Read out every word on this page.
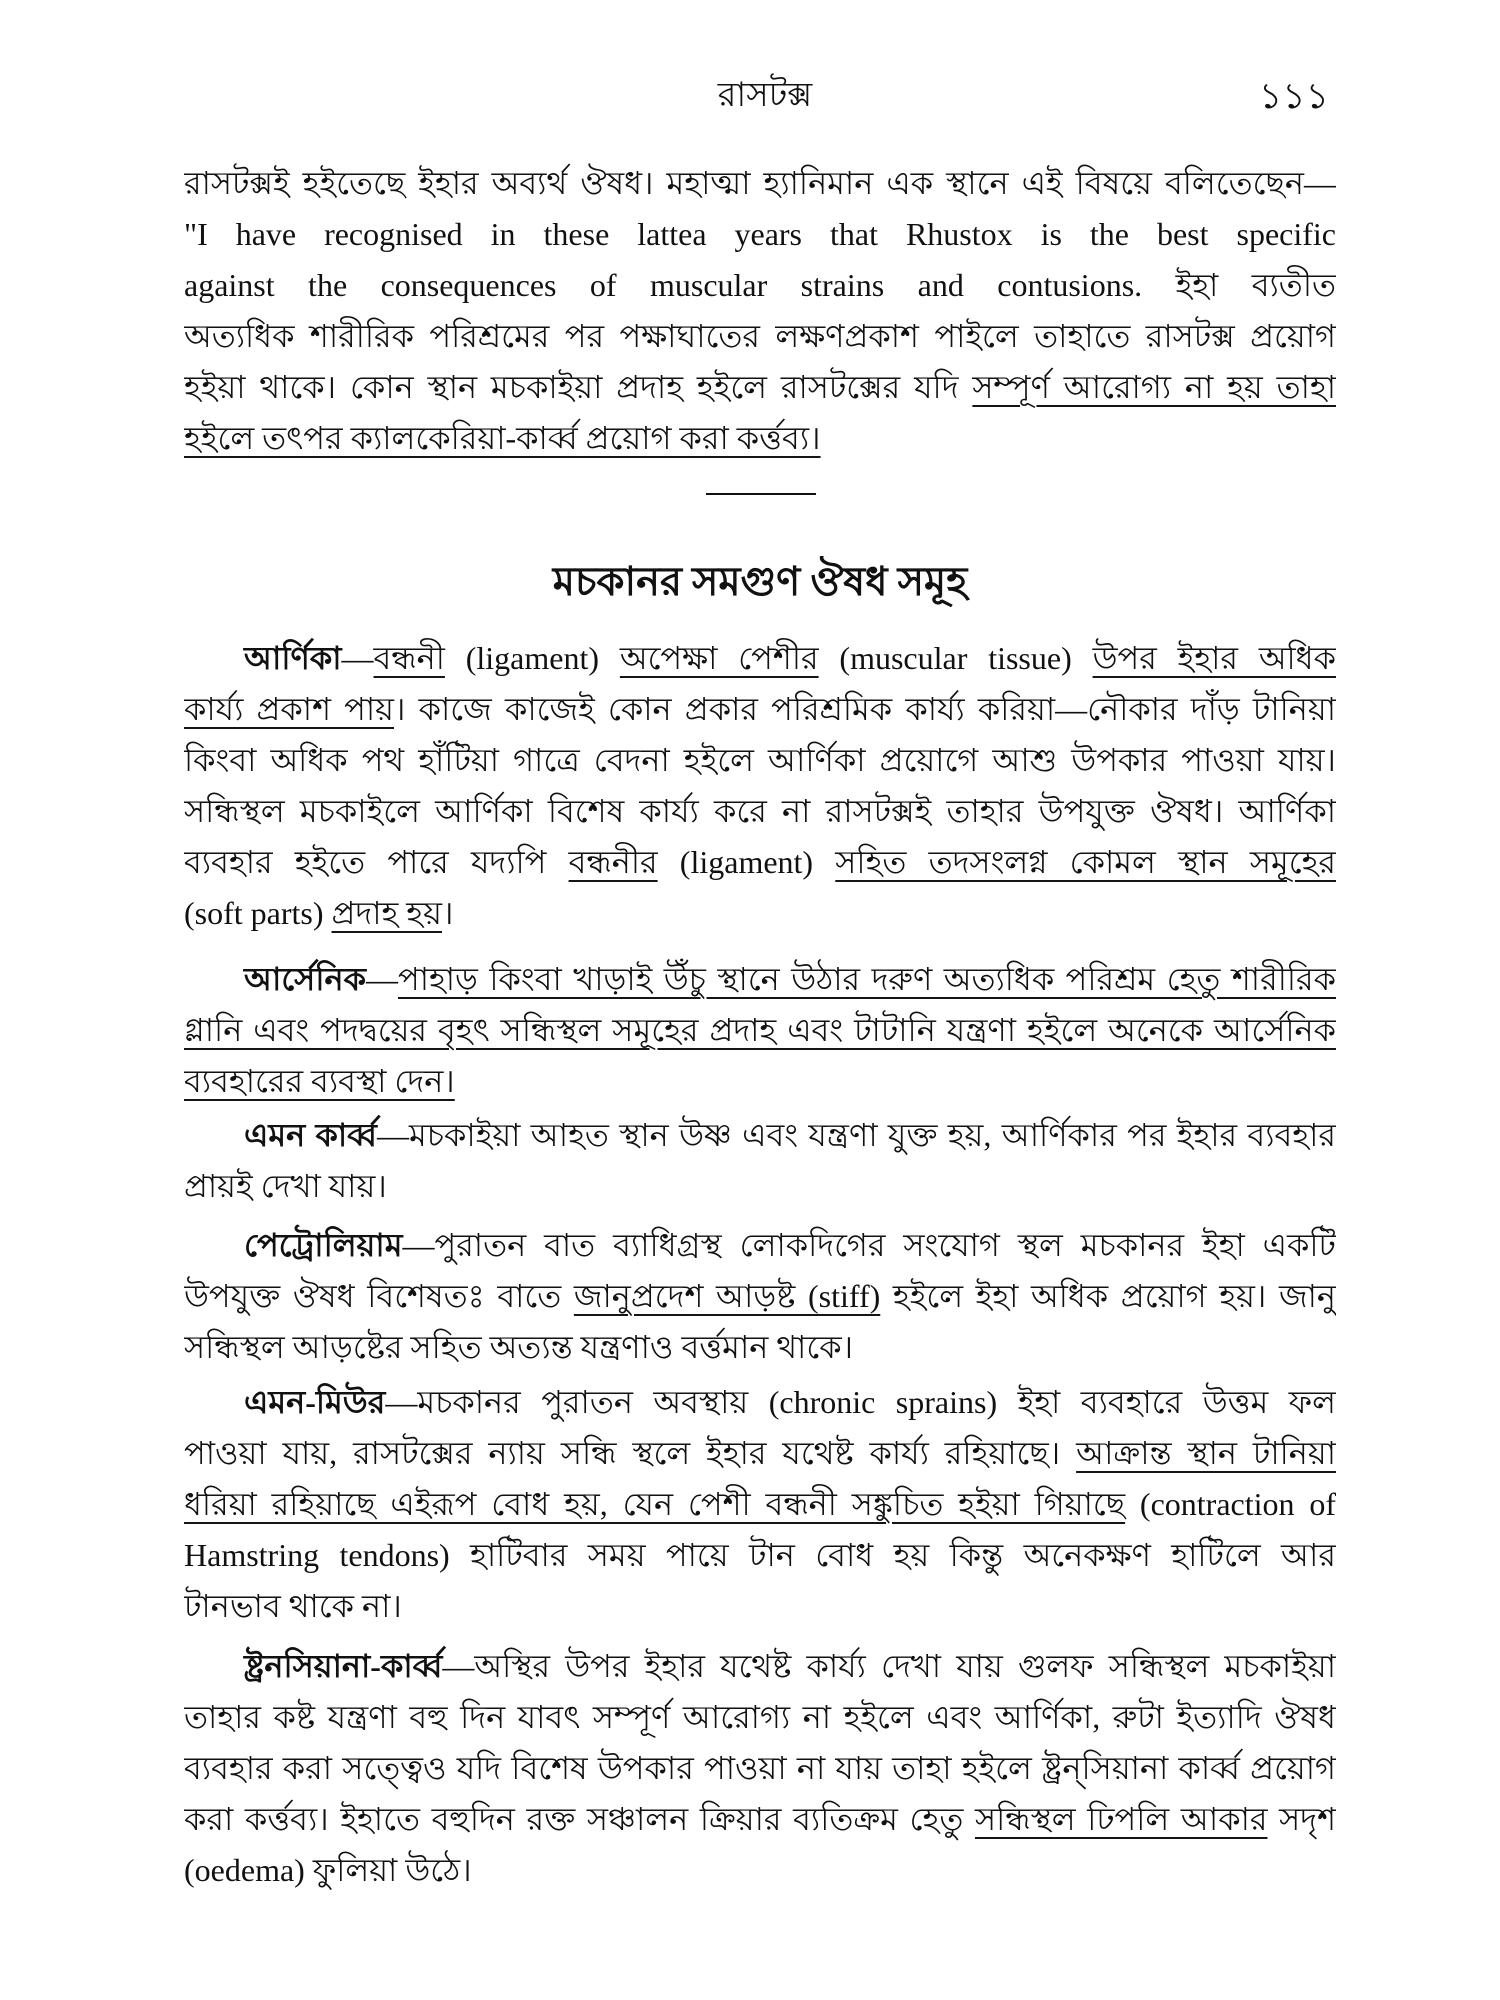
রাসটক্স	১১১
মচকানর সমগুণ ঔষধ সমূহ
রাসটক্সই হইতেছে ইহার অব্যর্থ ঔষধ। মহাত্মা হ্যানিমান এক স্থানে এই বিষয়ে বলিতেছেন—
"I have recognised in these lattea years that Rhustox is the best specific
against the consequences of muscular strains and contusions. ইহা ব্যতীত
অত্যধিক শারীরিক পরিশ্রমের পর পক্ষাঘাতের লক্ষণপ্রকাশ পাইলে তাহাতে রাসটক্স প্রয়োগ
হইয়া থাকে। কোন স্থান মচকাইয়া প্রদাহ হইলে রাসটক্সের যদি সম্পূর্ণ আরোগ্য না হয় তাহা
হইলে তৎপর ক্যালকেরিয়া-কার্ব্ব প্রয়োগ করা কর্ত্তব্য।
আর্ণিকা—বন্ধনী (ligament) অপেক্ষা পেশীর (muscular tissue) উপর ইহার অধিক
কার্য্য প্রকাশ পায়। কাজে কাজেই কোন প্রকার পরিশ্রমিক কার্য্য করিয়া—নৌকার দাঁড় টানিয়া
কিংবা অধিক পথ হাঁটিয়া গাত্রে বেদনা হইলে আর্ণিকা প্রয়োগে আশু উপকার পাওয়া যায়।
সন্ধিস্থল মচকাইলে আর্ণিকা বিশেষ কার্য্য করে না রাসটক্সই তাহার উপযুক্ত ঔষধ। আর্ণিকা
ব্যবহার হইতে পারে যদ্যপি বন্ধনীর (ligament) সহিত তদসংলগ্ন কোমল স্থান সমূহের
(soft parts) প্রদাহ হয়।
আর্সেনিক—পাহাড় কিংবা খাড়াই উঁচু স্থানে উঠার দরুণ অত্যধিক পরিশ্রম হেতু শারীরিক
গ্লানি এবং পদদ্বয়ের বৃহৎ সন্ধিস্থল সমূহের প্রদাহ এবং টাটানি যন্ত্রণা হইলে অনেকে আর্সেনিক
ব্যবহারের ব্যবস্থা দেন।
এমন কার্ব্ব—মচকাইয়া আহত স্থান উষ্ণ এবং যন্ত্রণা যুক্ত হয়, আর্ণিকার পর ইহার ব্যবহার
প্রায়ই দেখা যায়।
পেট্রোলিয়াম—পুরাতন বাত ব্যাধিগ্রস্থ লোকদিগের সংযোগ স্থল মচকানর ইহা একটি
উপযুক্ত ঔষধ বিশেষতঃ বাতে জানুপ্রদেশ আড়ষ্ট (stiff) হইলে ইহা অধিক প্রয়োগ হয়। জানু
সন্ধিস্থল আড়ষ্টের সহিত অত্যন্ত যন্ত্রণাও বর্ত্তমান থাকে।
এমন-মিউর—মচকানর পুরাতন অবস্থায় (chronic sprains) ইহা ব্যবহারে উত্তম ফল
পাওয়া যায়, রাসটক্সের ন্যায় সন্ধি স্থলে ইহার যথেষ্ট কার্য্য রহিয়াছে। আক্রান্ত স্থান টানিয়া
ধরিয়া রহিয়াছে এইরূপ বোধ হয়, যেন পেশী বন্ধনী সঙ্কুচিত হইয়া গিয়াছে (contraction of
Hamstring tendons) হাটিবার সময় পায়ে টান বোধ হয় কিন্তু অনেকক্ষণ হাটিলে আর
টানভাব থাকে না।
ষ্ট্রনসিয়ানা-কার্ব্ব—অস্থির উপর ইহার যথেষ্ট কার্য্য দেখা যায় গুলফ সন্ধিস্থল মচকাইয়া
তাহার কষ্ট যন্ত্রণা বহু দিন যাবৎ সম্পূর্ণ আরোগ্য না হইলে এবং আর্ণিকা, রুটা ইত্যাদি ঔষধ
ব্যবহার করা সত্ত্বেও যদি বিশেষ উপকার পাওয়া না যায় তাহা হইলে ষ্ট্রন্‌সিয়ানা কার্ব্ব প্রয়োগ
করা কর্ত্তব্য। ইহাতে বহুদিন রক্ত সঞ্চালন ক্রিয়ার ব্যতিক্রম হেতু সন্ধিস্থল ঢিপলি আকার সদৃশ
(oedema) ফুলিয়া উঠে।
